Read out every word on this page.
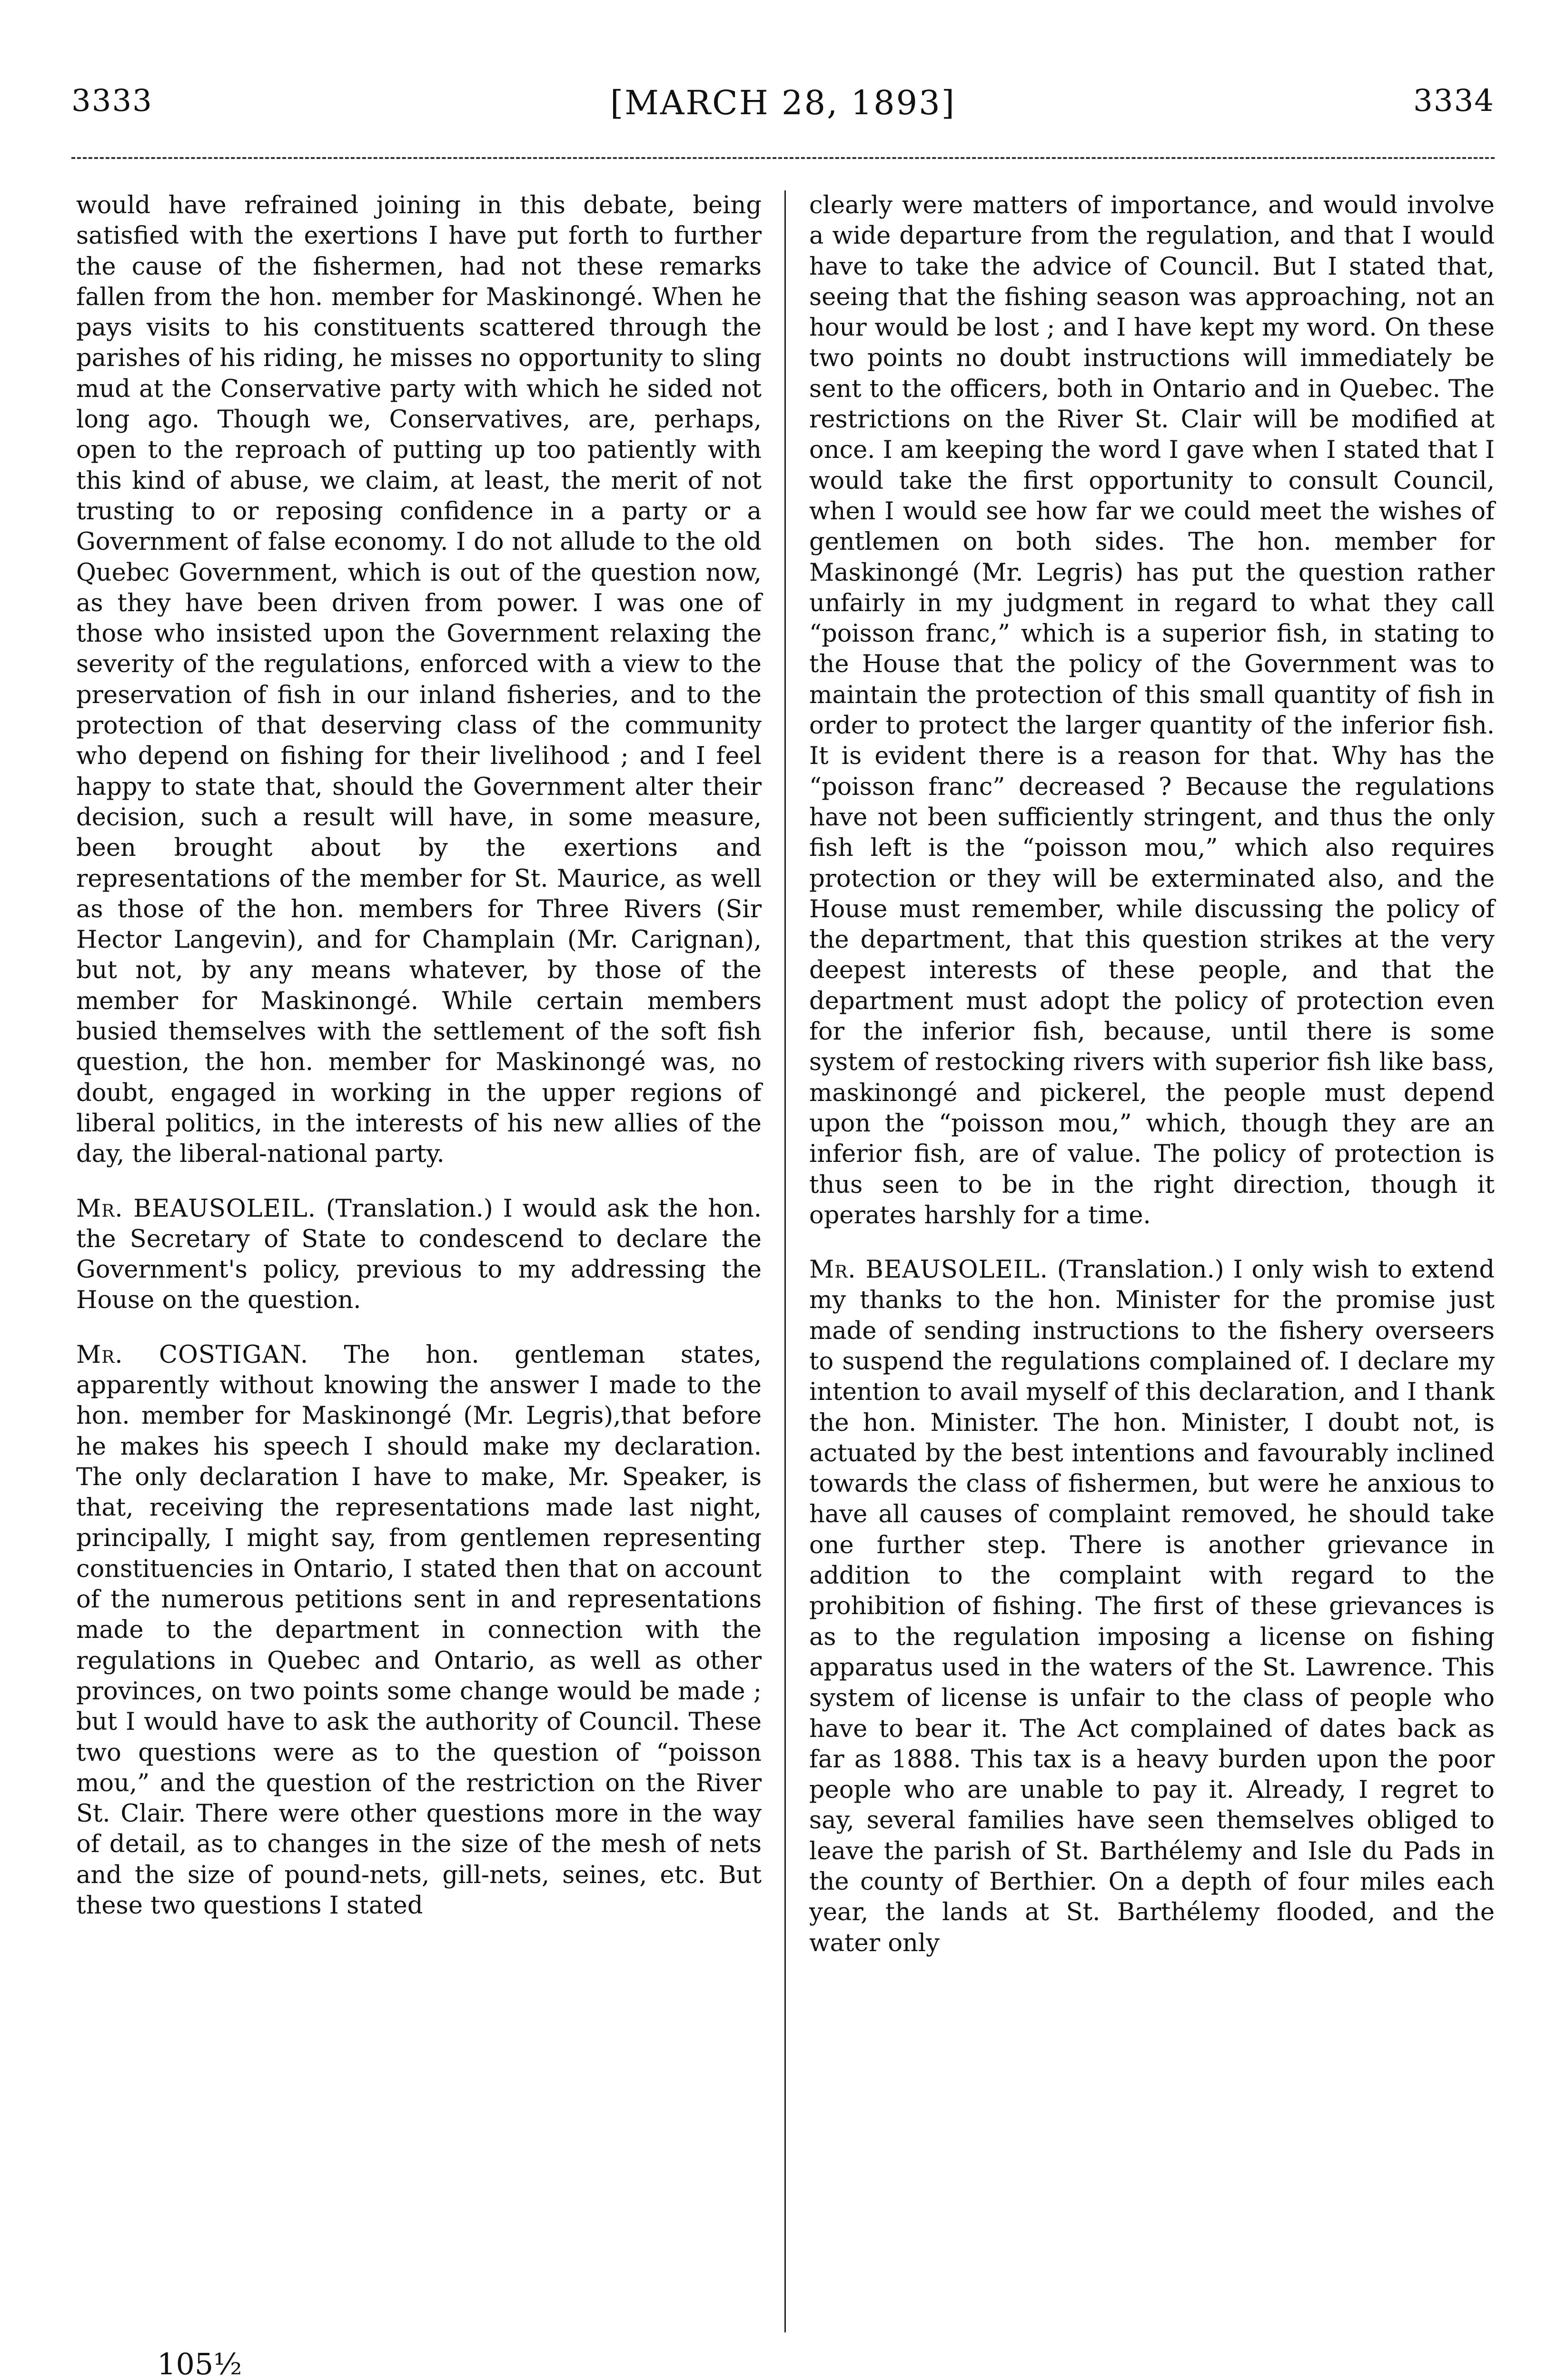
3333	[MARCH 28, 1893]	3334

would have refrained joining in this debate, being satisfied with the exertions I have put forth to further the cause of the fishermen, had not these remarks fallen from the hon. member for Maskinongé. When he pays visits to his constituents scattered through the parishes of his riding, he misses no opportunity to sling mud at the Conservative party with which he sided not long ago. Though we, Conservatives, are, perhaps, open to the reproach of putting up too patiently with this kind of abuse, we claim, at least, the merit of not trusting to or reposing confidence in a party or a Government of false economy. I do not allude to the old Quebec Government, which is out of the question now, as they have been driven from power. I was one of those who insisted upon the Government relaxing the severity of the regulations, enforced with a view to the preservation of fish in our inland fisheries, and to the protection of that deserving class of the community who depend on fishing for their livelihood ; and I feel happy to state that, should the Government alter their decision, such a result will have, in some measure, been brought about by the exertions and representations of the member for St. Maurice, as well as those of the hon. members for Three Rivers (Sir Hector Langevin), and for Champlain (Mr. Carignan), but not, by any means whatever, by those of the member for Maskinongé. While certain members busied themselves with the settlement of the soft fish question, the hon. member for Maskinongé was, no doubt, engaged in working in the upper regions of liberal politics, in the interests of his new allies of the day, the liberal-national party.

Mr. BEAUSOLEIL. (Translation.) I would ask the hon. the Secretary of State to condescend to declare the Government's policy, previous to my addressing the House on the question.

Mr. COSTIGAN. The hon. gentleman states, apparently without knowing the answer I made to the hon. member for Maskinongé (Mr. Legris),that before he makes his speech I should make my declaration. The only declaration I have to make, Mr. Speaker, is that, receiving the representations made last night, principally, I might say, from gentlemen representing constituencies in Ontario, I stated then that on account of the numerous petitions sent in and representations made to the department in connection with the regulations in Quebec and Ontario, as well as other provinces, on two points some change would be made ; but I would have to ask the authority of Council. These two questions were as to the question of “poisson mou,” and the question of the restriction on the River St. Clair. There were other questions more in the way of detail, as to changes in the size of the mesh of nets and the size of pound-nets, gill-nets, seines, etc. But these two questions I stated

clearly were matters of importance, and would involve a wide departure from the regulation, and that I would have to take the advice of Council. But I stated that, seeing that the fishing season was approaching, not an hour would be lost ; and I have kept my word. On these two points no doubt instructions will immediately be sent to the officers, both in Ontario and in Quebec. The restrictions on the River St. Clair will be modified at once. I am keeping the word I gave when I stated that I would take the first opportunity to consult Council, when I would see how far we could meet the wishes of gentlemen on both sides. The hon. member for Maskinongé (Mr. Legris) has put the question rather unfairly in my judgment in regard to what they call “poisson franc,” which is a superior fish, in stating to the House that the policy of the Government was to maintain the protection of this small quantity of fish in order to protect the larger quantity of the inferior fish. It is evident there is a reason for that. Why has the “poisson franc” decreased ? Because the regulations have not been sufficiently stringent, and thus the only fish left is the “poisson mou,” which also requires protection or they will be exterminated also, and the House must remember, while discussing the policy of the department, that this question strikes at the very deepest interests of these people, and that the department must adopt the policy of protection even for the inferior fish, because, until there is some system of restocking rivers with superior fish like bass, maskinongé and pickerel, the people must depend upon the “poisson mou,” which, though they are an inferior fish, are of value. The policy of protection is thus seen to be in the right direction, though it operates harshly for a time.

Mr. BEAUSOLEIL. (Translation.) I only wish to extend my thanks to the hon. Minister for the promise just made of sending instructions to the fishery overseers to suspend the regulations complained of. I declare my intention to avail myself of this declaration, and I thank the hon. Minister. The hon. Minister, I doubt not, is actuated by the best intentions and favourably inclined towards the class of fishermen, but were he anxious to have all causes of complaint removed, he should take one further step. There is another grievance in addition to the complaint with regard to the prohibition of fishing. The first of these grievances is as to the regulation imposing a license on fishing apparatus used in the waters of the St. Lawrence. This system of license is unfair to the class of people who have to bear it. The Act complained of dates back as far as 1888. This tax is a heavy burden upon the poor people who are unable to pay it. Already, I regret to say, several families have seen themselves obliged to leave the parish of St. Barthélemy and Isle du Pads in the county of Berthier. On a depth of four miles each year, the lands at St. Barthélemy flooded, and the water only

105½
